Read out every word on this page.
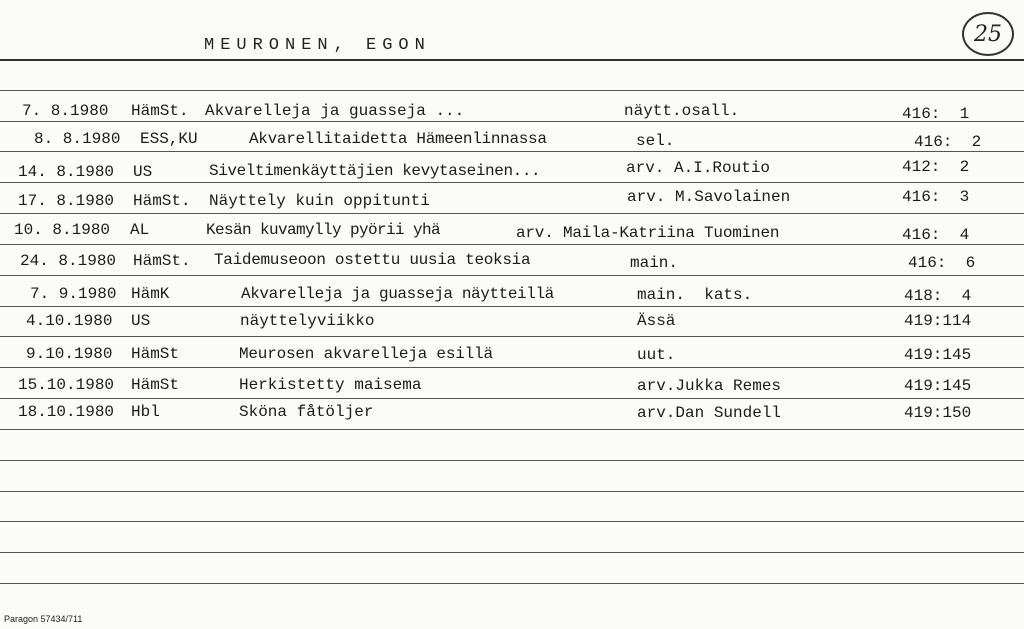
MEURONEN, EGON	25
7. 8.1980 HämSt. Akvarelleja ja guasseja ...	näytt.osall.	416:  1
8. 8.1980 ESS,KU	Akvarellitaidetta Hämeenlinnassa	sel.	416:  2
14. 8.1980 US	Siveltimenkäyttäjien kevytaseinen...	arv. A.I.Routio	412:  2
17. 8.1980 HämSt. Näyttely kuin oppitunti	arv. M.Savolainen	416:  3
10. 8.1980 AL	Kesän kuvamylly pyörii yhä	arv. Maila-Katriina Tuominen	416:  4
24. 8.1980 HämSt. Taidemuseoon ostettu uusia teoksia	main.	416:  6
7. 9.1980 HämK	Akvarelleja ja guasseja näytteillä	main.  kats.	418:  4
4.10.1980 US	näyttelyviikko	Ässä	419:114
9.10.1980 HämSt	Meurosen akvarelleja esillä	uut.	419:145
15.10.1980 HämSt	Herkistetty maisema	arv.Jukka Remes	419:145
18.10.1980 Hbl	Sköna fåtöljer	arv.Dan Sundell	419:150
Paragon 57434/711
